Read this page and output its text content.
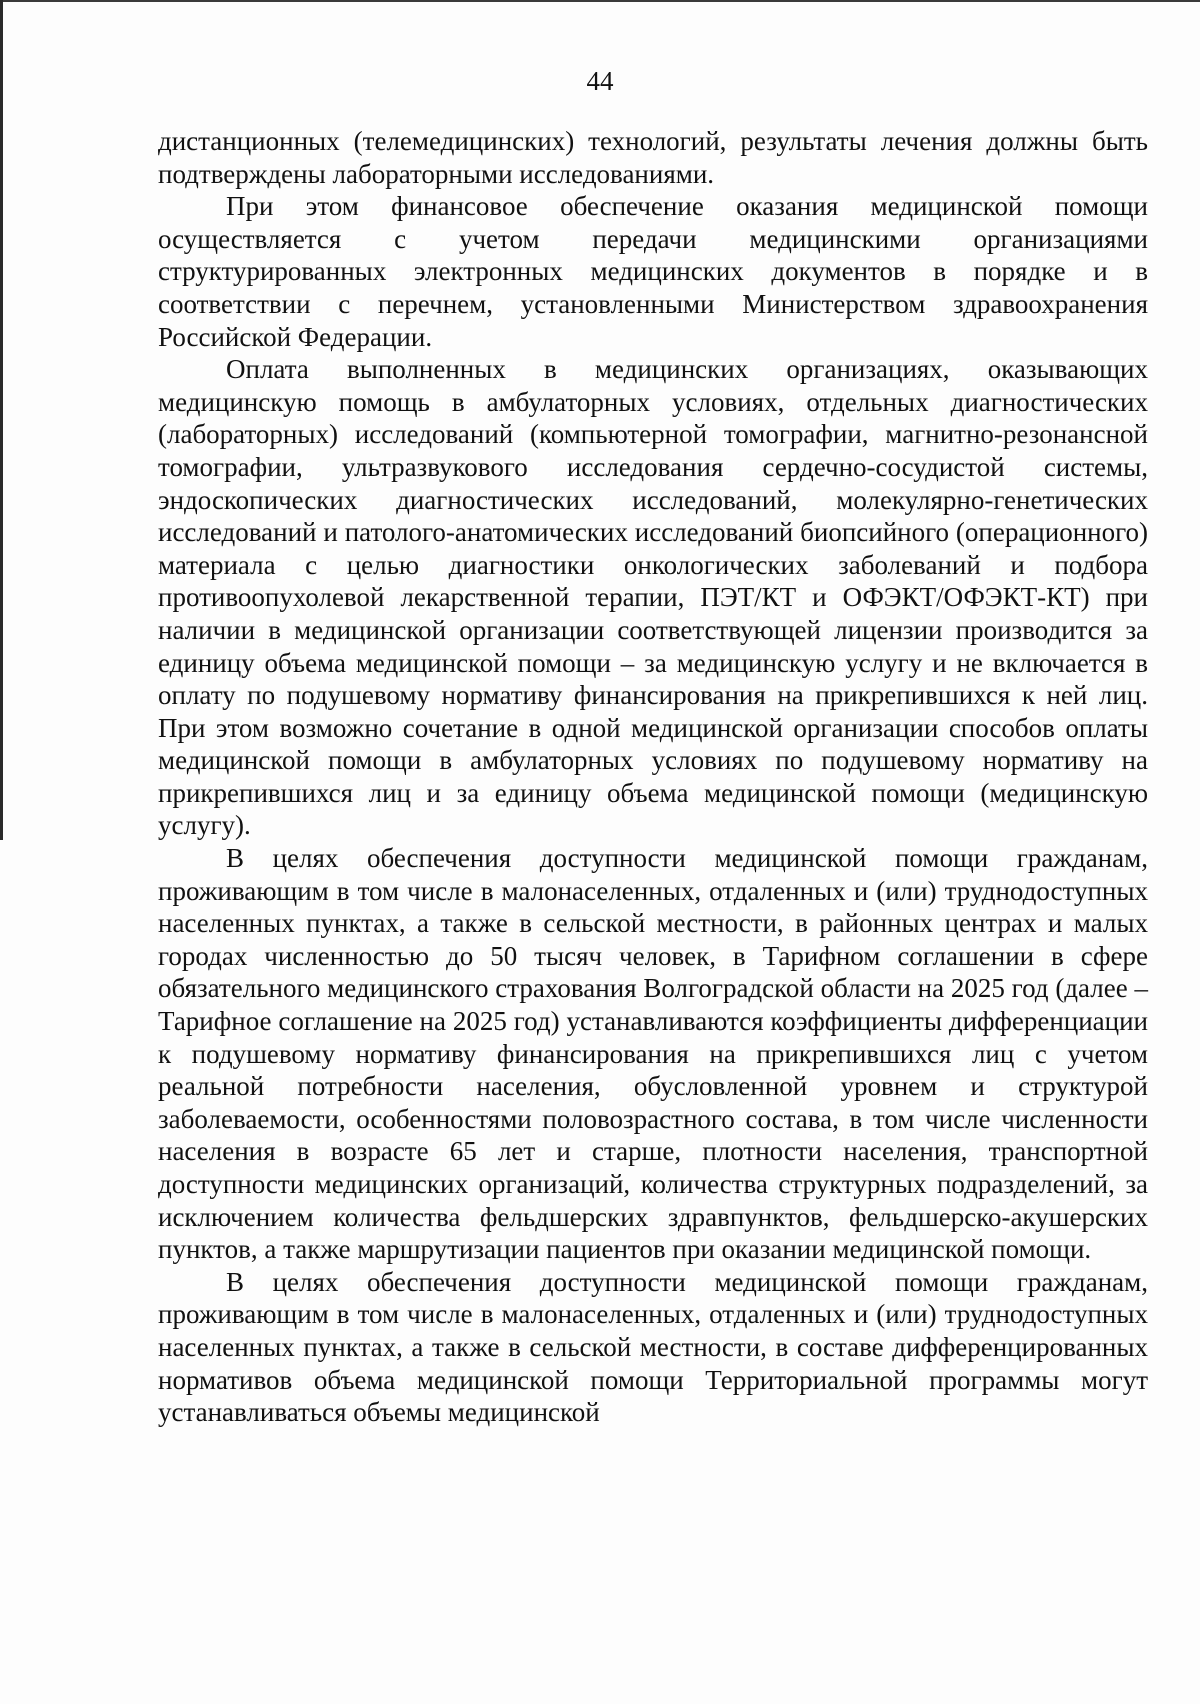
44

дистанционных (телемедицинских) технологий, результаты лечения должны быть подтверждены лабораторными исследованиями.

При этом финансовое обеспечение оказания медицинской помощи осуществляется с учетом передачи медицинскими организациями структурированных электронных медицинских документов в порядке и в соответствии с перечнем, установленными Министерством здравоохранения Российской Федерации.

Оплата выполненных в медицинских организациях, оказывающих медицинскую помощь в амбулаторных условиях, отдельных диагностических (лабораторных) исследований (компьютерной томографии, магнитно-резонансной томографии, ультразвукового исследования сердечно-сосудистой системы, эндоскопических диагностических исследований, молекулярно-генетических исследований и патолого-анатомических исследований биопсийного (операционного) материала с целью диагностики онкологических заболеваний и подбора противоопухолевой лекарственной терапии, ПЭТ/КТ и ОФЭКТ/ОФЭКТ-КТ) при наличии в медицинской организации соответствующей лицензии производится за единицу объема медицинской помощи – за медицинскую услугу и не включается в оплату по подушевому нормативу финансирования на прикрепившихся к ней лиц. При этом возможно сочетание в одной медицинской организации способов оплаты медицинской помощи в амбулаторных условиях по подушевому нормативу на прикрепившихся лиц и за единицу объема медицинской помощи (медицинскую услугу).

В целях обеспечения доступности медицинской помощи гражданам, проживающим в том числе в малонаселенных, отдаленных и (или) труднодоступных населенных пунктах, а также в сельской местности, в районных центрах и малых городах численностью до 50 тысяч человек, в Тарифном соглашении в сфере обязательного медицинского страхования Волгоградской области на 2025 год (далее – Тарифное соглашение на 2025 год) устанавливаются коэффициенты дифференциации к подушевому нормативу финансирования на прикрепившихся лиц с учетом реальной потребности населения, обусловленной уровнем и структурой заболеваемости, особенностями половозрастного состава, в том числе численности населения в возрасте 65 лет и старше, плотности населения, транспортной доступности медицинских организаций, количества структурных подразделений, за исключением количества фельдшерских здравпунктов, фельдшерско-акушерских пунктов, а также маршрутизации пациентов при оказании медицинской помощи.

В целях обеспечения доступности медицинской помощи гражданам, проживающим в том числе в малонаселенных, отдаленных и (или) труднодоступных населенных пунктах, а также в сельской местности, в составе дифференцированных нормативов объема медицинской помощи Территориальной программы могут устанавливаться объемы медицинской
